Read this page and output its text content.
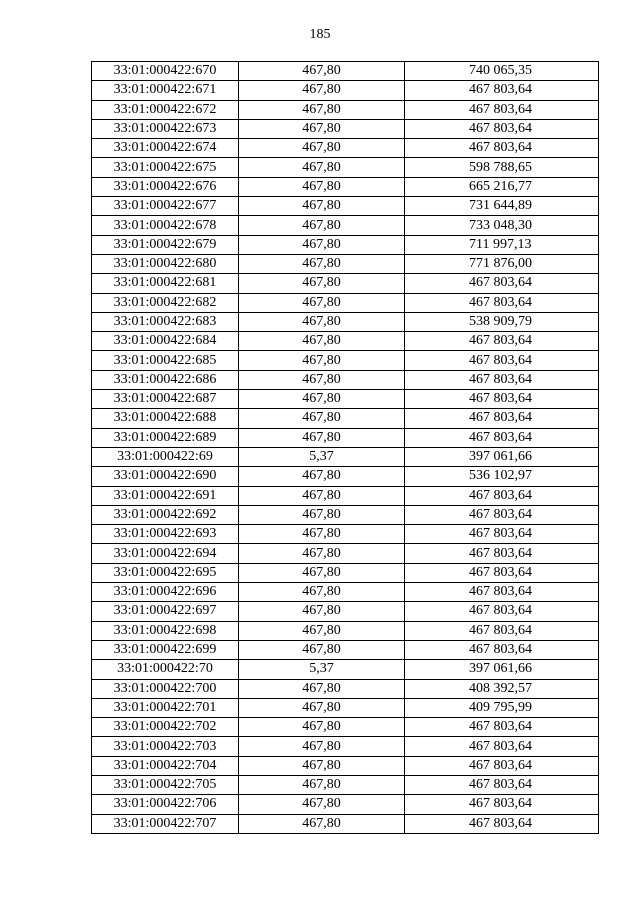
185
33:01:000422:670	467,80	740 065,35
33:01:000422:671	467,80	467 803,64
33:01:000422:672	467,80	467 803,64
33:01:000422:673	467,80	467 803,64
33:01:000422:674	467,80	467 803,64
33:01:000422:675	467,80	598 788,65
33:01:000422:676	467,80	665 216,77
33:01:000422:677	467,80	731 644,89
33:01:000422:678	467,80	733 048,30
33:01:000422:679	467,80	711 997,13
33:01:000422:680	467,80	771 876,00
33:01:000422:681	467,80	467 803,64
33:01:000422:682	467,80	467 803,64
33:01:000422:683	467,80	538 909,79
33:01:000422:684	467,80	467 803,64
33:01:000422:685	467,80	467 803,64
33:01:000422:686	467,80	467 803,64
33:01:000422:687	467,80	467 803,64
33:01:000422:688	467,80	467 803,64
33:01:000422:689	467,80	467 803,64
33:01:000422:69	5,37	397 061,66
33:01:000422:690	467,80	536 102,97
33:01:000422:691	467,80	467 803,64
33:01:000422:692	467,80	467 803,64
33:01:000422:693	467,80	467 803,64
33:01:000422:694	467,80	467 803,64
33:01:000422:695	467,80	467 803,64
33:01:000422:696	467,80	467 803,64
33:01:000422:697	467,80	467 803,64
33:01:000422:698	467,80	467 803,64
33:01:000422:699	467,80	467 803,64
33:01:000422:70	5,37	397 061,66
33:01:000422:700	467,80	408 392,57
33:01:000422:701	467,80	409 795,99
33:01:000422:702	467,80	467 803,64
33:01:000422:703	467,80	467 803,64
33:01:000422:704	467,80	467 803,64
33:01:000422:705	467,80	467 803,64
33:01:000422:706	467,80	467 803,64
33:01:000422:707	467,80	467 803,64
